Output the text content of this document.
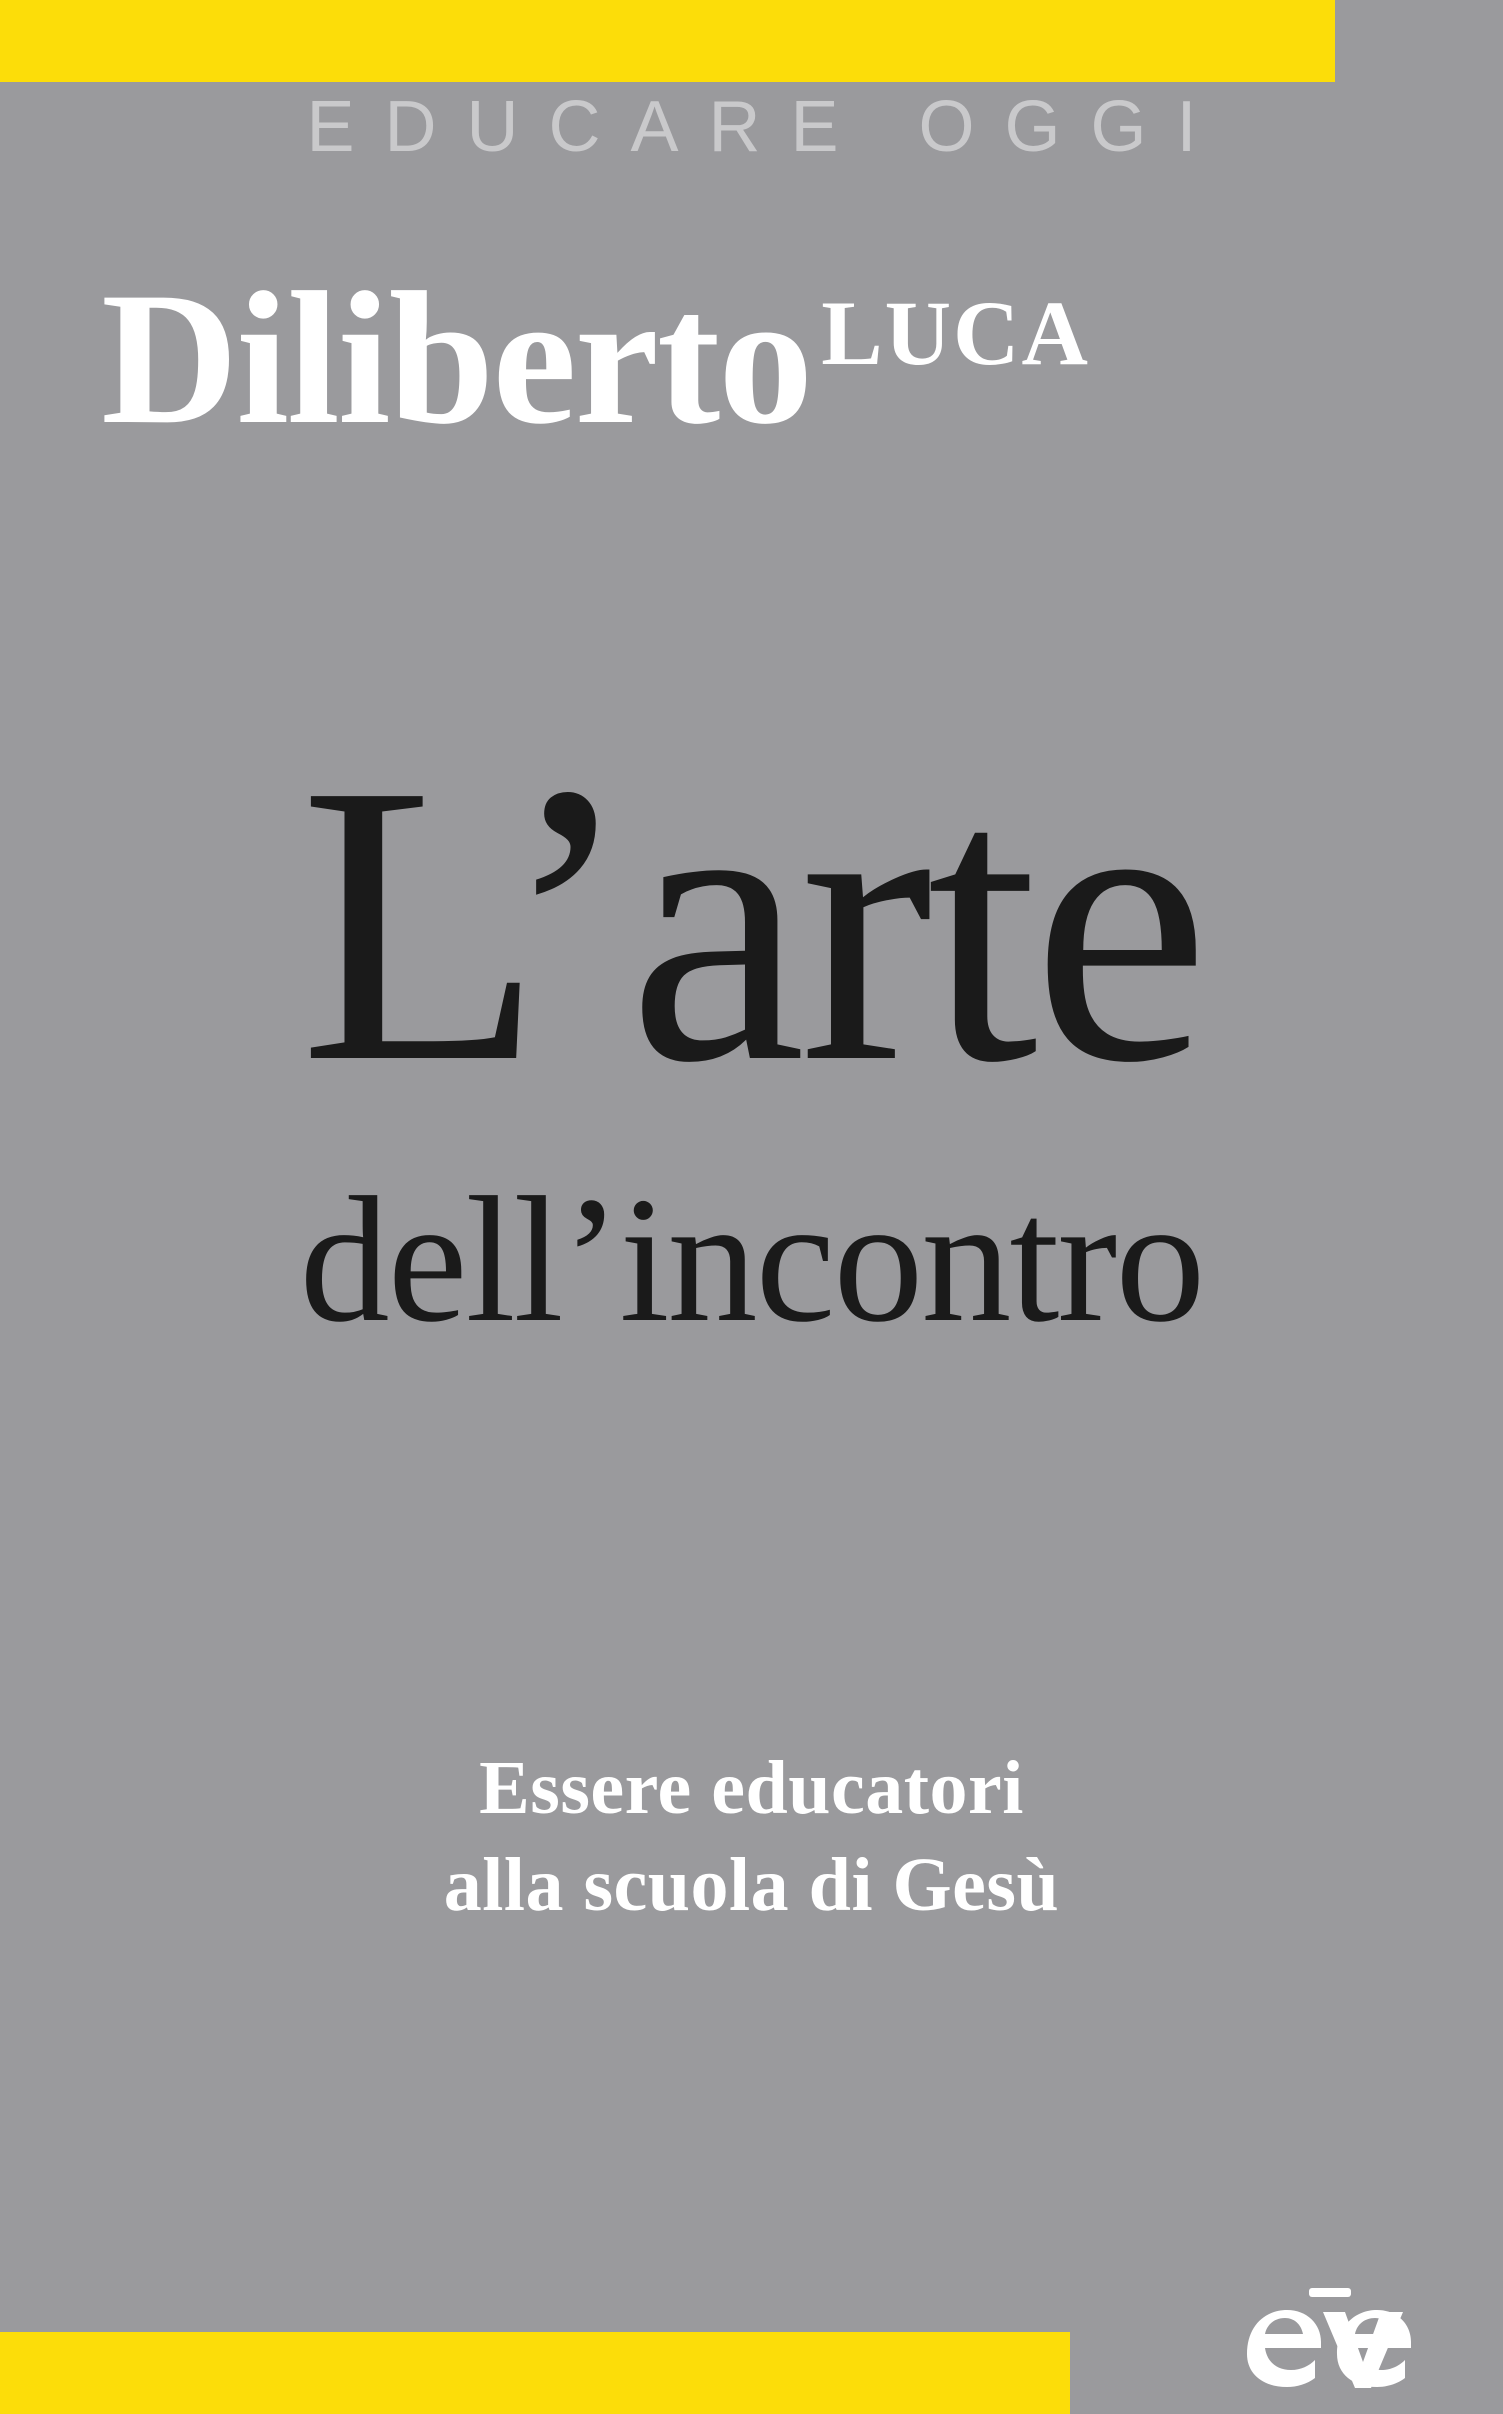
EDUCARE OGGI
Diliberto LUCA
L’arte
dell’incontro
Essere educatori
alla scuola di Gesù
